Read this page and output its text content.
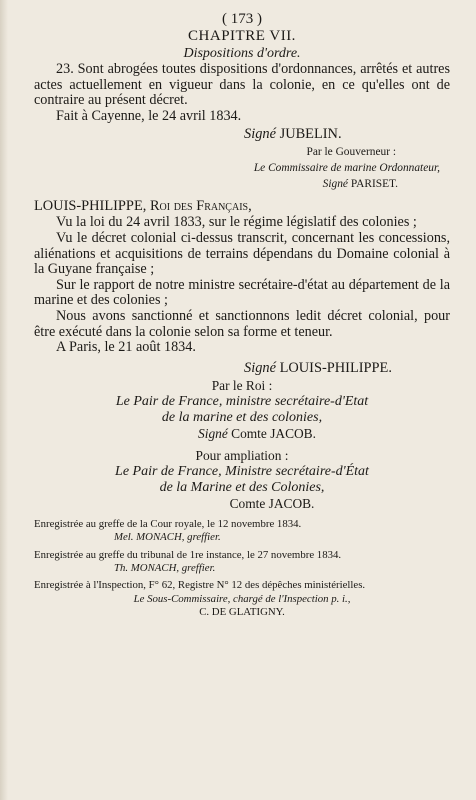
( 173 )
CHAPITRE VII.
Dispositions d'ordre.

23. Sont abrogées toutes dispositions d'ordonnances, arrêtés et autres actes actuellement en vigueur dans la colonie, en ce qu'elles ont de contraire au présent décret.

Fait à Cayenne, le 24 avril 1834.

Signé JUBELIN.
Par le Gouverneur :
Le Commissaire de marine Ordonnateur,
Signé PARISET.
LOUIS-PHILIPPE, Roi des Français,

Vu la loi du 24 avril 1833, sur le régime législatif des colonies ;

Vu le décret colonial ci-dessus transcrit, concernant les concessions, aliénations et acquisitions de terrains dépendans du Domaine colonial à la Guyane française ;

Sur le rapport de notre ministre secrétaire-d'état au département de la marine et des colonies ;

Nous avons sanctionné et sanctionnons ledit décret colonial, pour être exécuté dans la colonie selon sa forme et teneur.

A Paris, le 21 août 1834.

Signé LOUIS-PHILIPPE.
Par le Roi :
Le Pair de France, ministre secrétaire-d'Etat
de la marine et des colonies,
Signé Comte JACOB.
Pour ampliation :
Le Pair de France, Ministre secrétaire-d'État
de la Marine et des Colonies,
Comte JACOB.

Enregistrée au greffe de la Cour royale, le 12 novembre 1834.

Mel. MONACH, greffier.

Enregistrée au greffe du tribunal de 1re instance, le 27 novembre 1834.

Th. MONACH, greffier.

Enregistrée à l'Inspection, F° 62, Registre N° 12 des dépêches ministérielles.

Le Sous-Commissaire, chargé de l'Inspection p. i.,

C. DE GLATIGNY.
